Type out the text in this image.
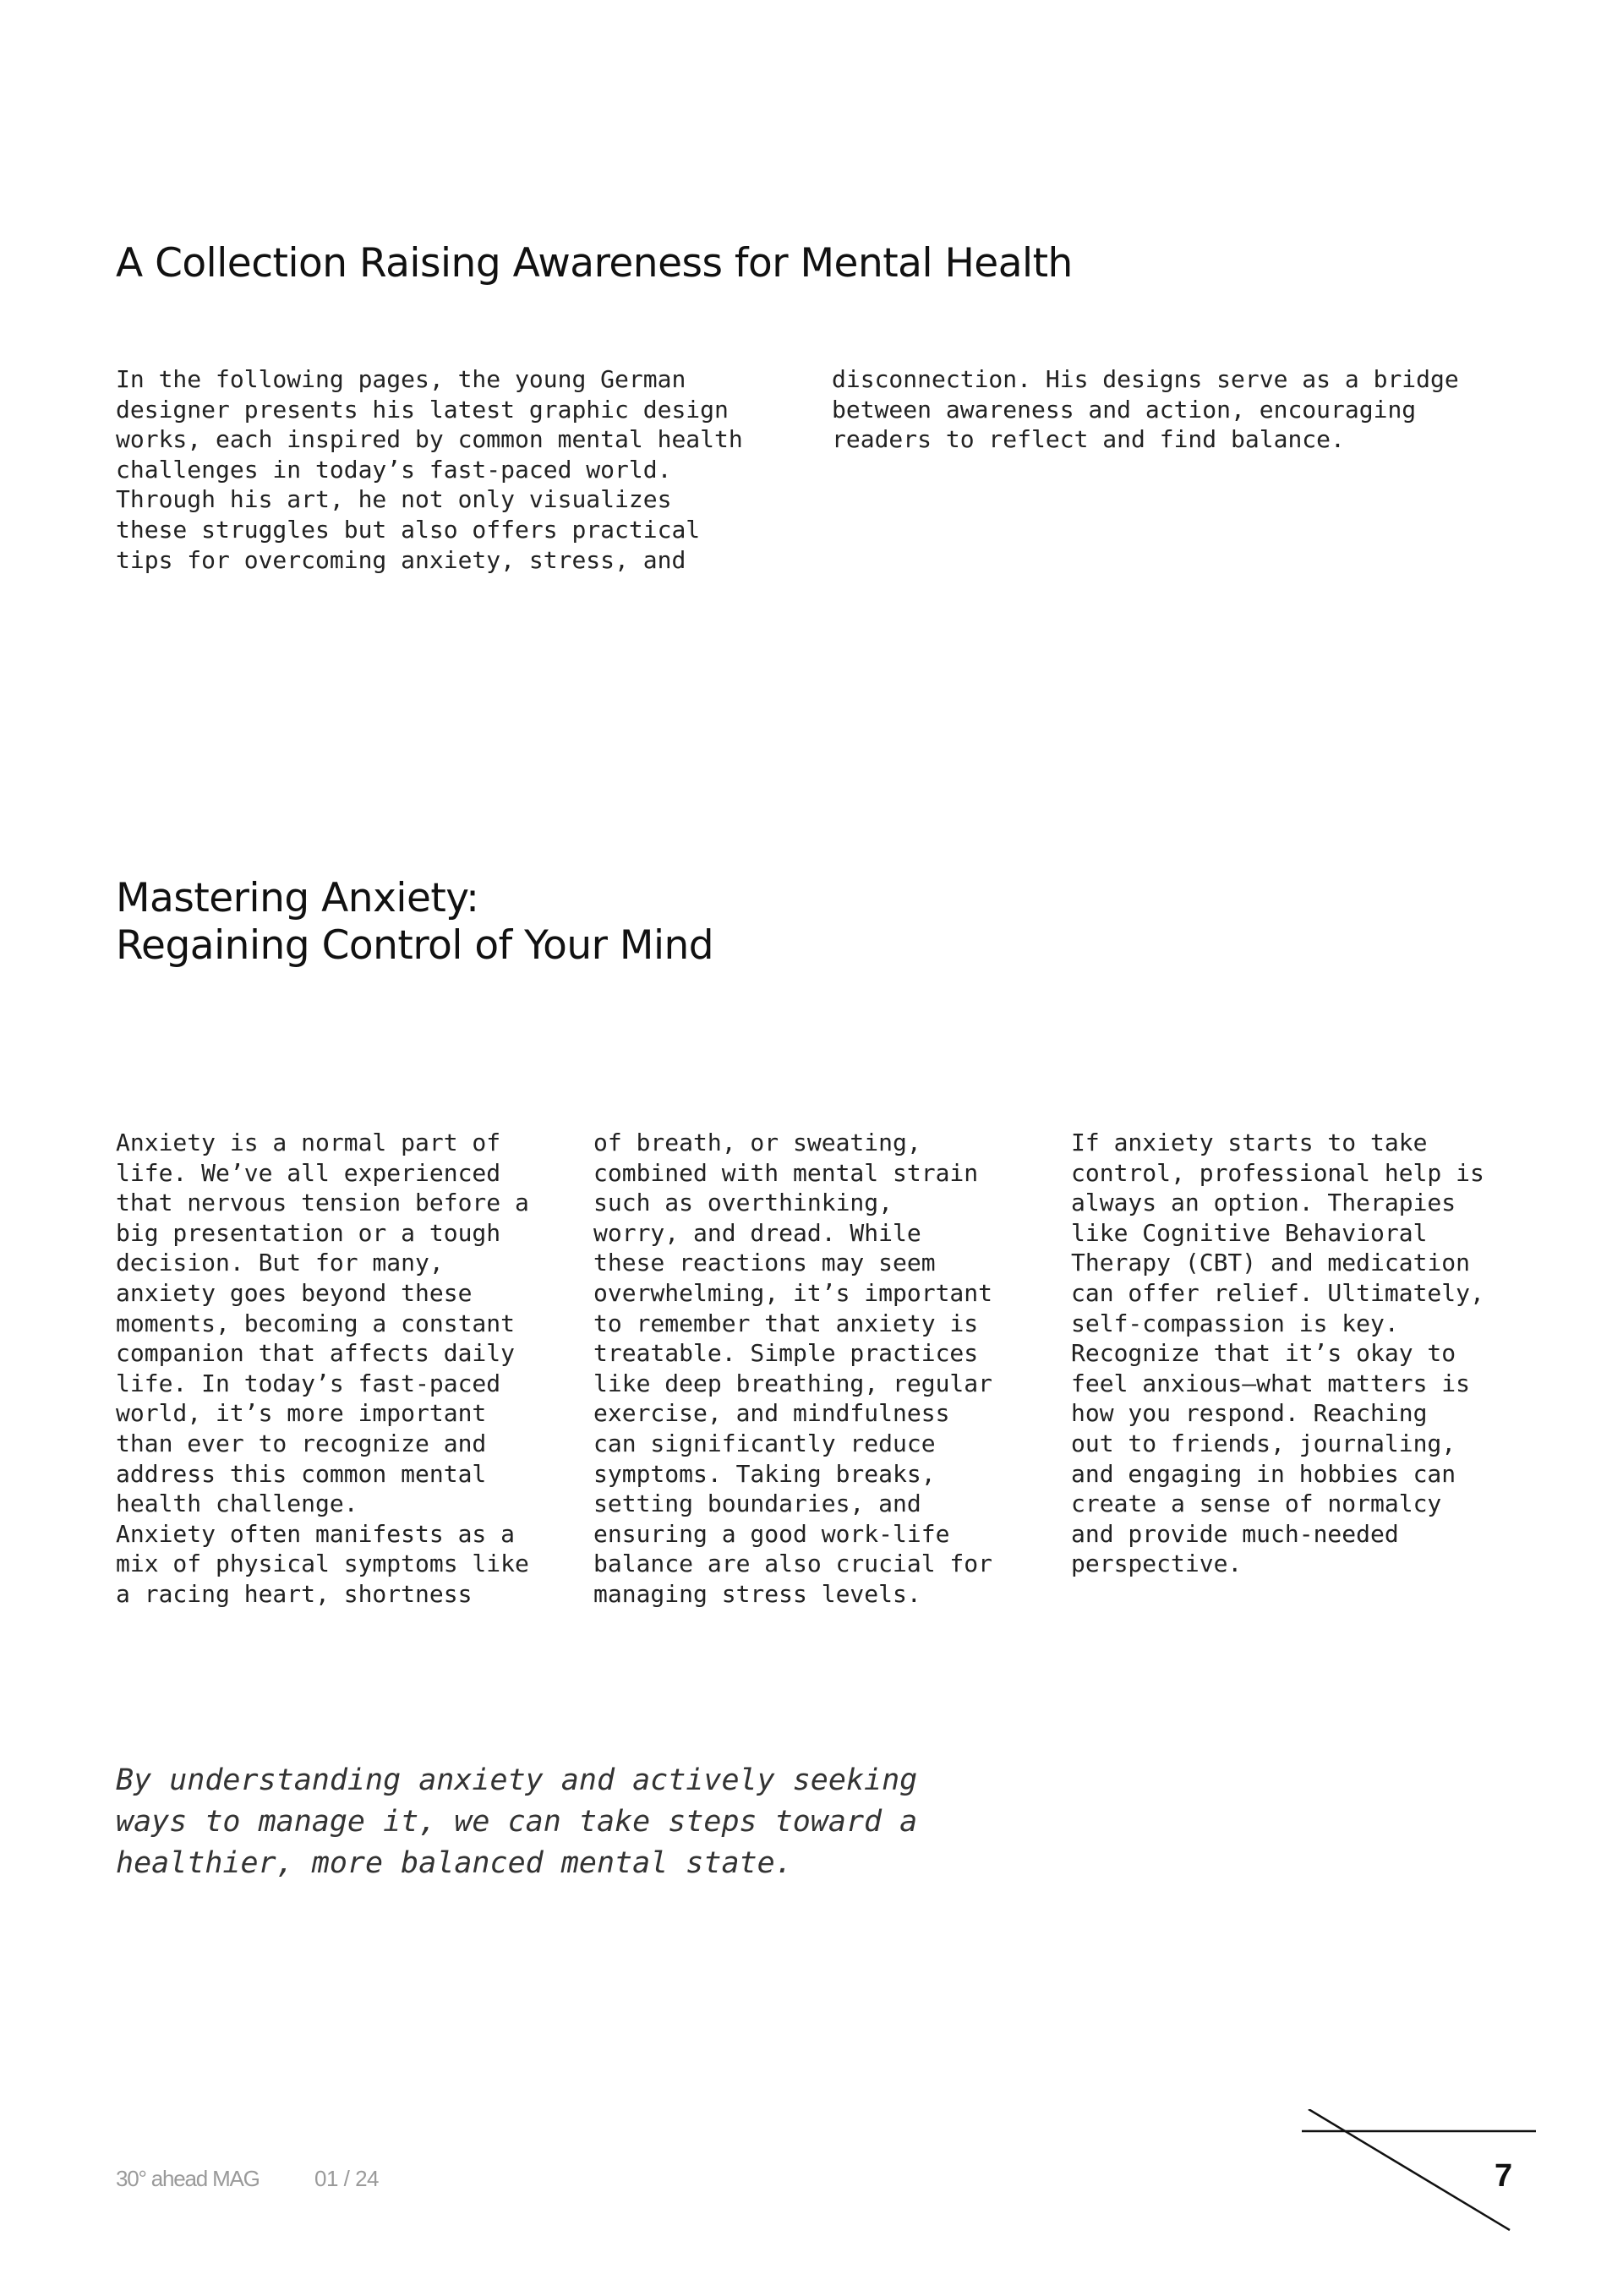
A Collection Raising Awareness for Mental Health

In the following pages, the young German
designer presents his latest graphic design
works, each inspired by common mental health
challenges in today’s fast-paced world.
Through his art, he not only visualizes
these struggles but also offers practical
tips for overcoming anxiety, stress, and

disconnection. His designs serve as a bridge
between awareness and action, encouraging
readers to reflect and find balance.

Mastering Anxiety:
Regaining Control of Your Mind

Anxiety is a normal part of
life. We’ve all experienced
that nervous tension before a
big presentation or a tough
decision. But for many,
anxiety goes beyond these
moments, becoming a constant
companion that affects daily
life. In today’s fast-paced
world, it’s more important
than ever to recognize and
address this common mental
health challenge.
Anxiety often manifests as a
mix of physical symptoms like
a racing heart, shortness

of breath, or sweating,
combined with mental strain
such as overthinking,
worry, and dread. While
these reactions may seem
overwhelming, it’s important
to remember that anxiety is
treatable. Simple practices
like deep breathing, regular
exercise, and mindfulness
can significantly reduce
symptoms. Taking breaks,
setting boundaries, and
ensuring a good work-life
balance are also crucial for
managing stress levels.

If anxiety starts to take
control, professional help is
always an option. Therapies
like Cognitive Behavioral
Therapy (CBT) and medication
can offer relief. Ultimately,
self-compassion is key.
Recognize that it’s okay to
feel anxious—what matters is
how you respond. Reaching
out to friends, journaling,
and engaging in hobbies can
create a sense of normalcy
and provide much-needed
perspective.

By understanding anxiety and actively seeking
ways to manage it, we can take steps toward a
healthier, more balanced mental state.

30° ahead MAG	01 / 24	7
